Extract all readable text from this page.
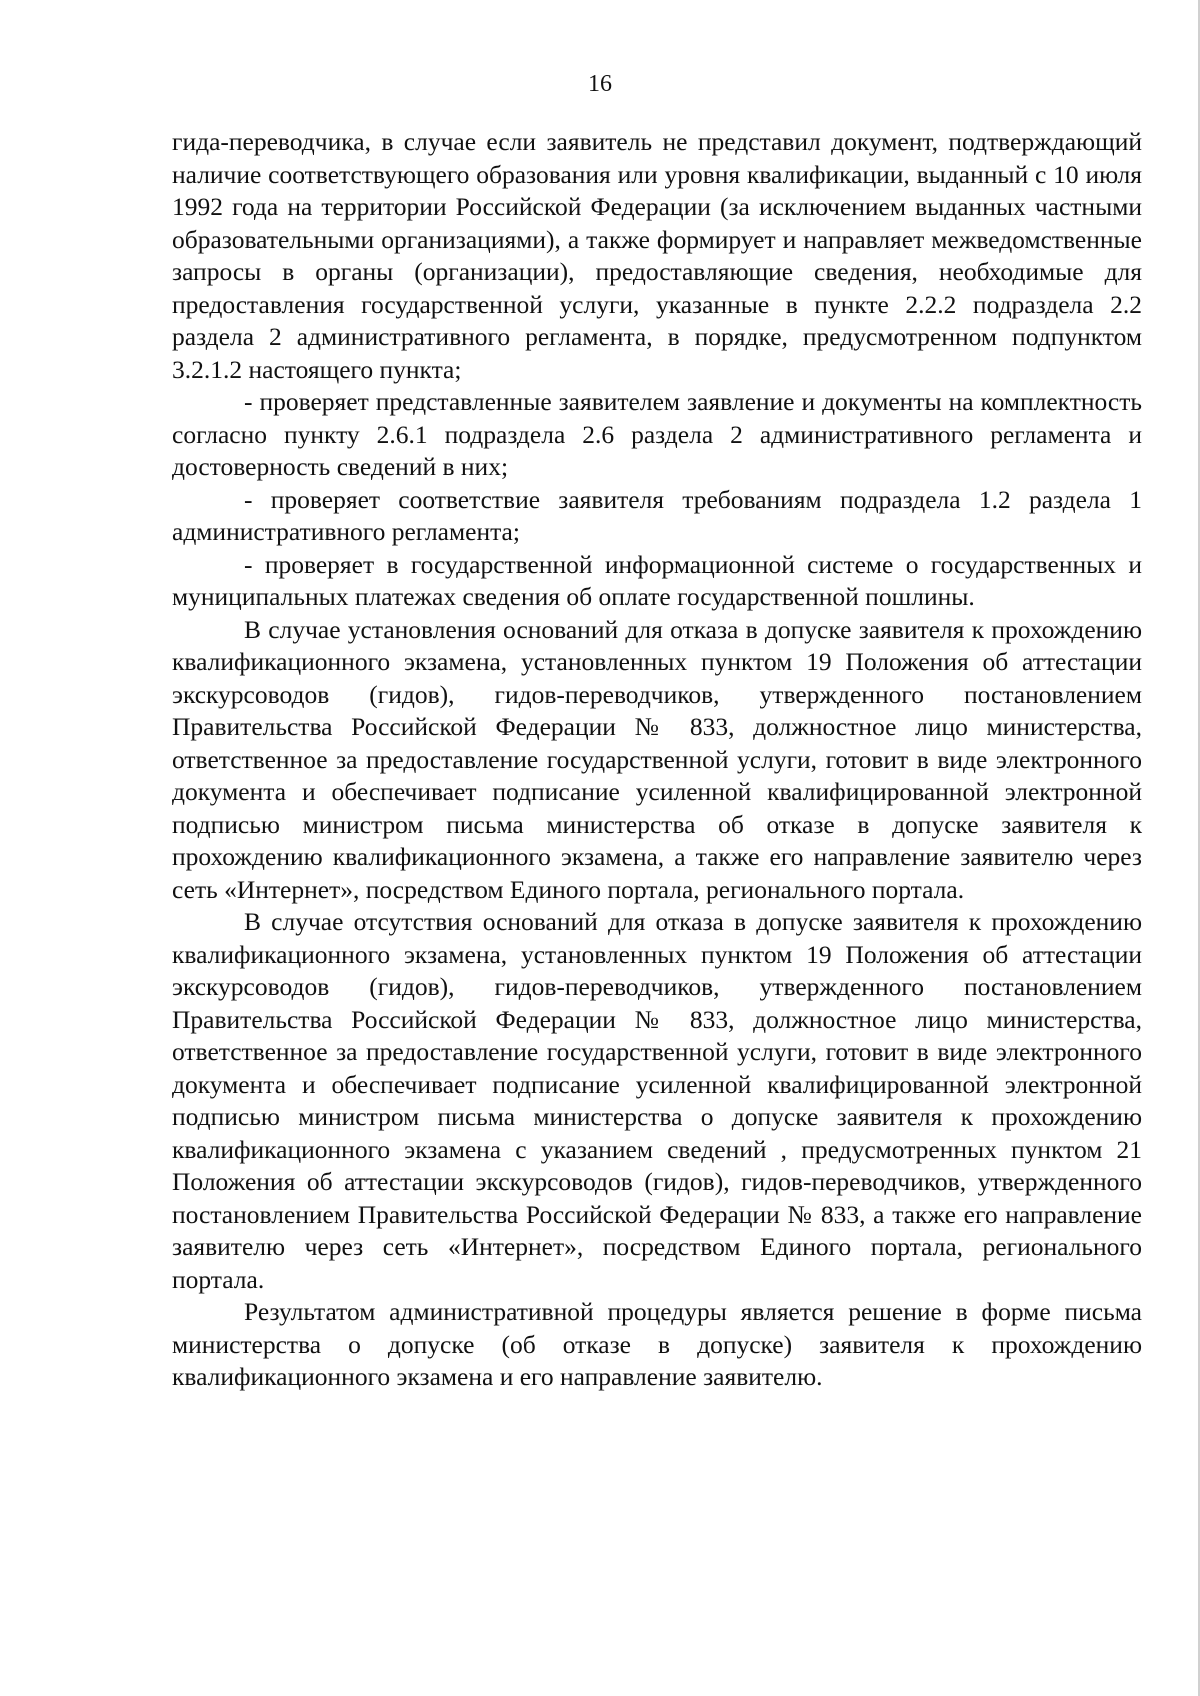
16

гида-переводчика, в случае если заявитель не представил документ, подтверждающий наличие соответствующего образования или уровня квалификации, выданный с 10 июля 1992 года на территории Российской Федерации (за исключением выданных частными образовательными организациями), а также формирует и направляет межведомственные запросы в органы (организации), предоставляющие сведения, необходимые для предоставления государственной услуги, указанные в пункте 2.2.2 подраздела 2.2 раздела 2 административного регламента, в порядке, предусмотренном подпунктом 3.2.1.2 настоящего пункта;

- проверяет представленные заявителем заявление и документы на комплектность согласно пункту 2.6.1 подраздела 2.6 раздела 2 административного регламента и достоверность сведений в них;

- проверяет соответствие заявителя требованиям подраздела 1.2 раздела 1 административного регламента;

- проверяет в государственной информационной системе о государственных и муниципальных платежах сведения об оплате государственной пошлины.

В случае установления оснований для отказа в допуске заявителя к прохождению квалификационного экзамена, установленных пунктом 19 Положения об аттестации экскурсоводов (гидов), гидов-переводчиков, утвержденного постановлением Правительства Российской Федерации № 833, должностное лицо министерства, ответственное за предоставление государственной услуги, готовит в виде электронного документа и обеспечивает подписание усиленной квалифицированной электронной подписью министром письма министерства об отказе в допуске заявителя к прохождению квалификационного экзамена, а также его направление заявителю через сеть «Интернет», посредством Единого портала, регионального портала.

В случае отсутствия оснований для отказа в допуске заявителя к прохождению квалификационного экзамена, установленных пунктом 19 Положения об аттестации экскурсоводов (гидов), гидов-переводчиков, утвержденного постановлением Правительства Российской Федерации № 833, должностное лицо министерства, ответственное за предоставление государственной услуги, готовит в виде электронного документа и обеспечивает подписание усиленной квалифицированной электронной подписью министром письма министерства о допуске заявителя к прохождению квалификационного экзамена с указанием сведений , предусмотренных пунктом 21 Положения об аттестации экскурсоводов (гидов), гидов-переводчиков, утвержденного постановлением Правительства Российской Федерации № 833, а также его направление заявителю через сеть «Интернет», посредством Единого портала, регионального портала.

Результатом административной процедуры является решение в форме письма министерства о допуске (об отказе в допуске) заявителя к прохождению квалификационного экзамена и его направление заявителю.
